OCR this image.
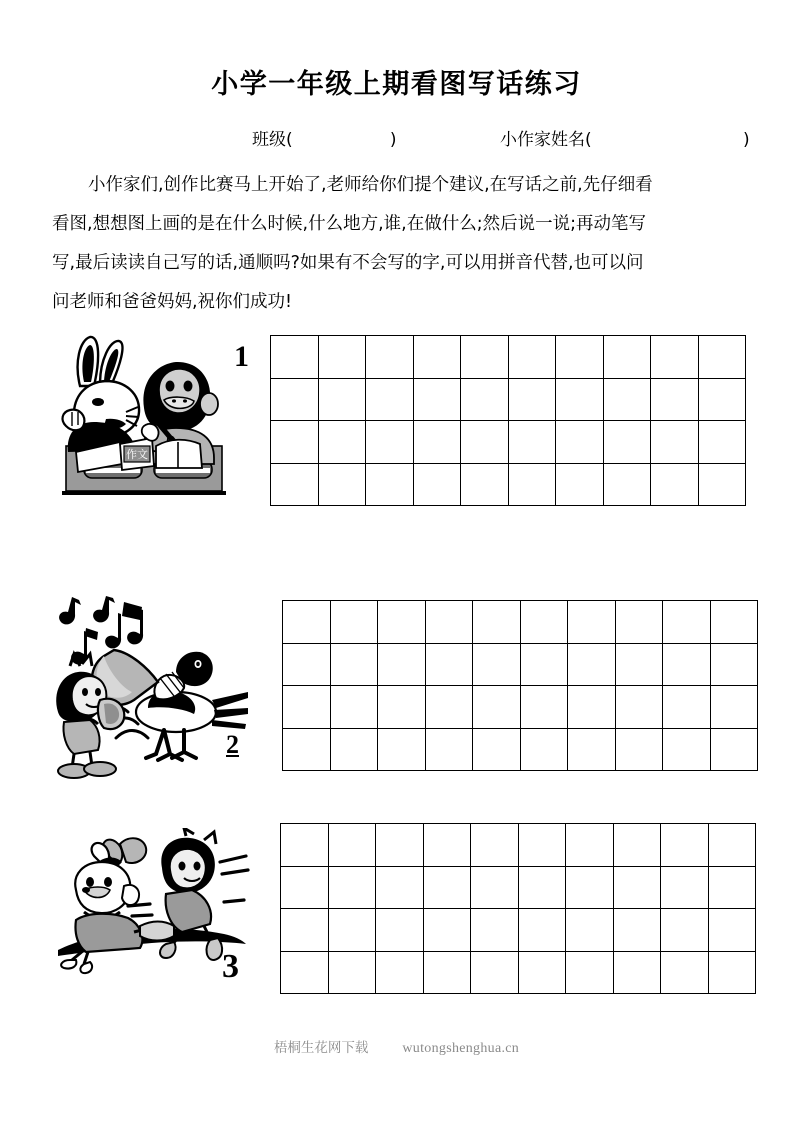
小学一年级上期看图写话练习
班级(                  )	小作家姓名(                            )
小作家们,创作比赛马上开始了,老师给你们提个建议,在写话之前,先仔细看
看图,想想图上画的是在什么时候,什么地方,谁,在做什么;然后说一说;再动笔写
写,最后读读自己写的话,通顺吗?如果有不会写的字,可以用拼音代替,也可以问
问老师和爸爸妈妈,祝你们成功!
作文
1
2
3
梧桐生花网下载 wutongshenghua.cn
